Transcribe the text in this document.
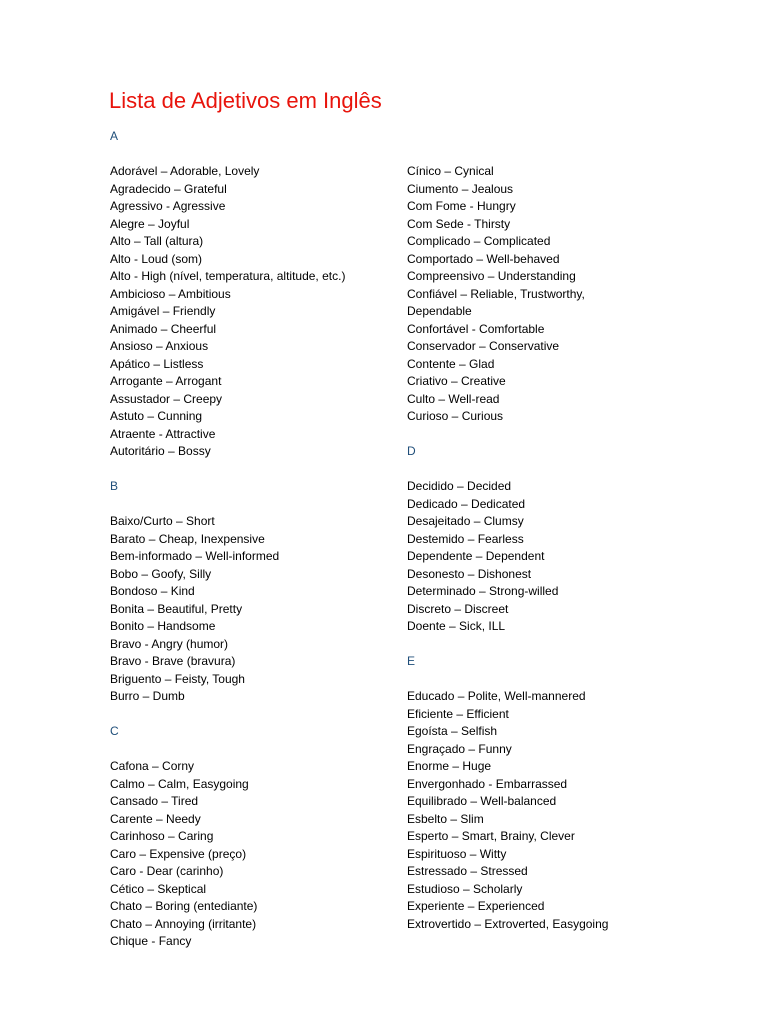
Lista de Adjetivos em Inglês
A
Adorável – Adorable, Lovely
Agradecido – Grateful
Agressivo - Agressive
Alegre – Joyful
Alto – Tall (altura)
Alto - Loud (som)
Alto - High (nível, temperatura, altitude, etc.)
Ambicioso – Ambitious
Amigável – Friendly
Animado – Cheerful
Ansioso – Anxious
Apático – Listless
Arrogante – Arrogant
Assustador – Creepy
Astuto – Cunning
Atraente - Attractive
Autoritário – Bossy
B
Baixo/Curto – Short
Barato – Cheap, Inexpensive
Bem-informado – Well-informed
Bobo – Goofy, Silly
Bondoso – Kind
Bonita – Beautiful, Pretty
Bonito – Handsome
Bravo - Angry (humor)
Bravo - Brave (bravura)
Briguento – Feisty, Tough
Burro – Dumb
C
Cafona – Corny
Calmo – Calm, Easygoing
Cansado – Tired
Carente – Needy
Carinhoso – Caring
Caro – Expensive (preço)
Caro - Dear (carinho)
Cético – Skeptical
Chato – Boring (entediante)
Chato – Annoying (irritante)
Chique - Fancy
Cínico – Cynical
Ciumento – Jealous
Com Fome - Hungry
Com Sede - Thirsty
Complicado – Complicated
Comportado – Well-behaved
Compreensivo – Understanding
Confiável – Reliable, Trustworthy, Dependable
Confortável - Comfortable
Conservador – Conservative
Contente – Glad
Criativo – Creative
Culto – Well-read
Curioso – Curious
D
Decidido – Decided
Dedicado – Dedicated
Desajeitado – Clumsy
Destemido – Fearless
Dependente – Dependent
Desonesto – Dishonest
Determinado – Strong-willed
Discreto – Discreet
Doente – Sick, ILL
E
Educado – Polite, Well-mannered
Eficiente – Efficient
Egoísta – Selfish
Engraçado – Funny
Enorme – Huge
Envergonhado - Embarrassed
Equilibrado – Well-balanced
Esbelto – Slim
Esperto – Smart, Brainy, Clever
Espirituoso – Witty
Estressado – Stressed
Estudioso – Scholarly
Experiente – Experienced
Extrovertido – Extroverted, Easygoing
